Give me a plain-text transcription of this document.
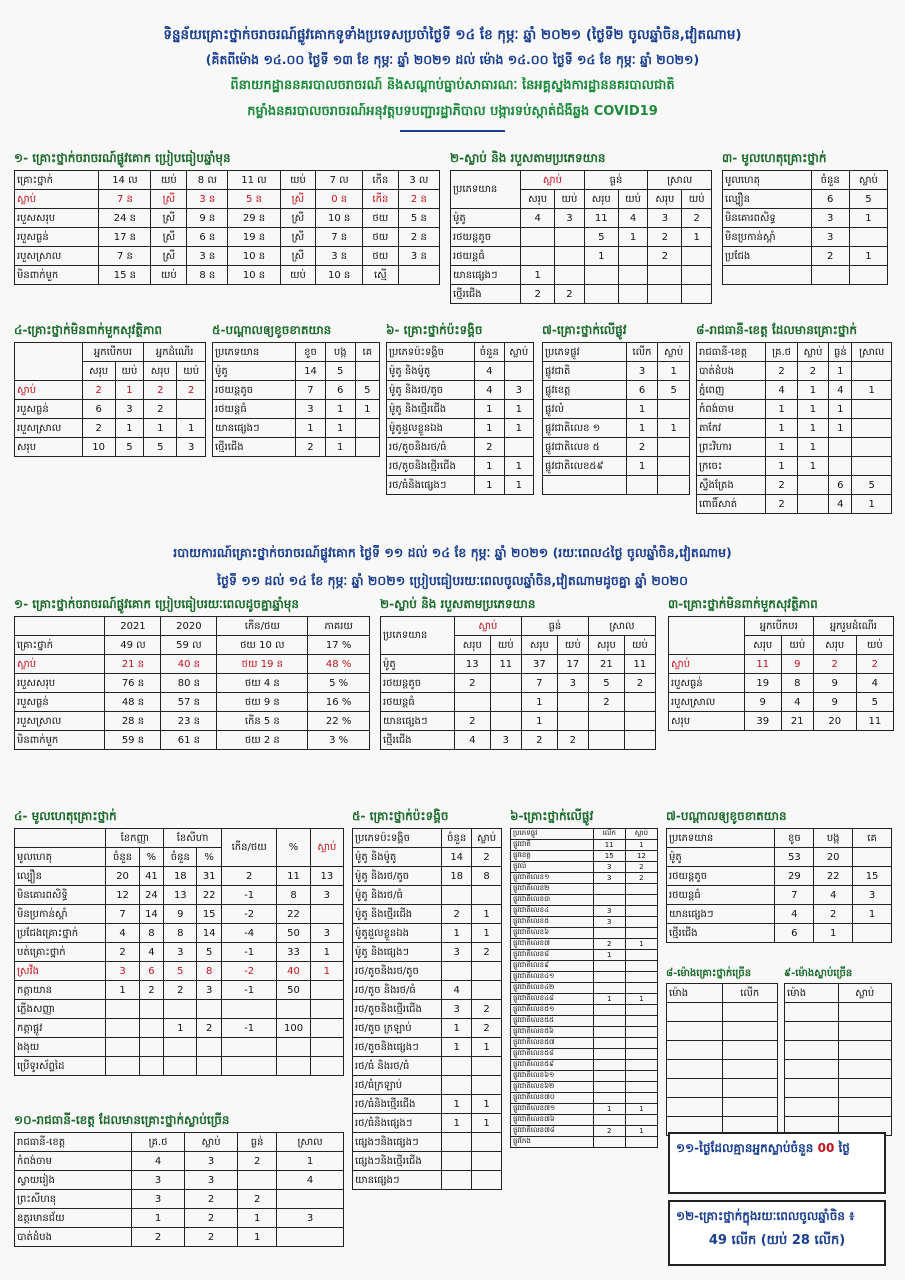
ទិន្នន័យគ្រោះថ្នាក់ចរាចរណ៍ផ្លូវគោកទូទាំងប្រទេសប្រចាំថ្ងៃទី ១៤ ខែ កុម្ភៈ ឆ្នាំ ២០២១ (ថ្ងៃទី២ ចូលឆ្នាំចិន,វៀតណាម)
(គិតពីម៉ោង ១៤.០០ ថ្ងៃទី ១៣ ខែ កុម្ភៈ ឆ្នាំ ២០២១ ដល់ ម៉ោង ១៤.០០ ថ្ងៃទី ១៤ ខែ កុម្ភៈ ឆ្នាំ ២០២១)
ពីនាយកដ្ឋាននគរបាលចរាចរណ៍ និងសណ្តាប់ធ្នាប់សាធារណៈ នៃអគ្គស្នងការដ្ឋាននគរបាលជាតិ
កម្លាំងនគរបាលចរាចរណ៍អនុវត្តបទបញ្ជារដ្ឋាភិបាល បង្ការទប់ស្កាត់ជំងឺឆ្លង COVID19
១- គ្រោះថ្នាក់ចរាចរណ៍ផ្លូវគោក ប្រៀបធៀបឆ្នាំមុន
គ្រោះថ្នាក់	14 ល	យប់	8 ល	11 ល	យប់	7 ល	កើន	3 ល
ស្លាប់	7 ន	ស្រី	3 ន	5 ន	ស្រី	0 ន	កើន	2 ន
របួសសរុប	24 ន	ស្រី	9 ន	29 ន	ស្រី	10 ន	ថយ	5 ន
របួសធ្ងន់	17 ន	ស្រី	6 ន	19 ន	ស្រី	7 ន	ថយ	2 ន
របួសស្រាល	7 ន	ស្រី	3 ន	10 ន	ស្រី	3 ន	ថយ	3 ន
មិនពាក់មួក	15 ន	យប់	8 ន	10 ន	យប់	10 ន	ស្មើ	
២-ស្លាប់ និង របួសតាមប្រភេទយាន
ប្រភេទយាន	ស្លាប់		ធ្ងន់		ស្រាល	
	សរុប	យប់	សរុប	យប់	សរុប	យប់
ម៉ូតូ	4	3	11	4	3	2
រថយន្តតូច			5	1	2	1
រថយន្តធំ			1		2	
យានផ្សេងៗ	1					
ថ្មើរជើង	2	2				
៣- មូលហេតុគ្រោះថ្នាក់
មូលហេតុ	ចំនួន	ស្លាប់
ល្បឿន	6	5
មិនគោរពសិទ្ធ	3	1
មិនប្រកាន់ស្តាំ	3	
ប្រជែង	2	1

៤-គ្រោះថ្នាក់មិនពាក់មួកសុវត្ថិភាព
	អ្នកបើកបរ		អ្នកដំណើរ	
	សរុប	យប់	សរុប	យប់
ស្លាប់	2	1	2	2
របួសធ្ងន់	6	3	2	
របួសស្រាល	2	1	1	1
សរុប	10	5	5	3
៥-បណ្តាលឲ្យខូចខាតយាន
ប្រភេទយាន	ខូច	បង្ក	គេ
ម៉ូតូ	14	5	
រថយន្តតូច	7	6	5
រថយន្តធំ	3	1	1
យានផ្សេងៗ	1	1	
ថ្មើរជើង	2	1	
៦- គ្រោះថ្នាក់ប៉ះទង្គិច
ប្រភេទប៉ះទង្គិច	ចំនួន	ស្លាប់
ម៉ូតូ និងម៉ូតូ	4	
ម៉ូតូ និងរថ/តូច	4	3
ម៉ូតូ និងថ្មើរជើង	1	1
ម៉ូតូដួលខ្លួនឯង	1	1
រថ/តូចនិងរថ/ធំ	2	
រថ/តូចនិងថ្មើរជើង	1	1
រថ/ធំនិងផ្សេងៗ	1	1
៧-គ្រោះថ្នាក់លើផ្លូវ
ប្រភេទផ្លូវ	លើក	ស្លាប់
ផ្លូវជាតិ	3	1
ផ្លូវខេត្ត	6	5
ផ្លូវលំ	1	
ផ្លូវជាតិលេខ ១	1	1
ផ្លូវជាតិលេខ ៥	2	
ផ្លូវជាតិលេខ៥៩	1	

៨-រាជធានី-ខេត្ត ដែលមានគ្រោះថ្នាក់
រាជធានី-ខេត្ត	គ្រ.ថ	ស្លាប់	ធ្ងន់	ស្រាល
បាត់ដំបង	2	2	1	
ភ្នំពេញ	4	1	4	1
កំពង់ចាម	1	1	1	
តាកែវ	1	1	1	
ព្រះវិហារ	1	1		
ក្រចេះ	1	1		
ស្ទឹងត្រែង	2		6	5
ពោធិ៍សាត់	2		4	1
របាយការណ៍គ្រោះថ្នាក់ចរាចរណ៍ផ្លូវគោក ថ្ងៃទី ១១ ដល់ ១៤ ខែ កុម្ភៈ ឆ្នាំ ២០២១ (រយៈពេល៤ថ្ងៃ ចូលឆ្នាំចិន,វៀតណាម)
ថ្ងៃទី ១១ ដល់ ១៤ ខែ កុម្ភៈ ឆ្នាំ ២០២១ ប្រៀបធៀបរយៈពេលចូលឆ្នាំចិន,វៀតណាមដូចគ្នា ឆ្នាំ ២០២០
១- គ្រោះថ្នាក់ចរាចរណ៍ផ្លូវគោក ប្រៀបធៀបរយៈពេលដូចគ្នាឆ្នាំមុន
	2021	2020	កើន/ថយ	ភាគរយ
គ្រោះថ្នាក់	49 ល	59 ល	ថយ 10 ល	17 %
ស្លាប់	21 ន	40 ន	ថយ 19 ន	48 %
របួសសរុប	76 ន	80 ន	ថយ 4 ន	5 %
របួសធ្ងន់	48 ន	57 ន	ថយ 9 ន	16 %
របួសស្រាល	28 ន	23 ន	កើន 5 ន	22 %
មិនពាក់មួក	59 ន	61 ន	ថយ 2 ន	3 %
២-ស្លាប់ និង របួសតាមប្រភេទយាន
ប្រភេទយាន	ស្លាប់		ធ្ងន់		ស្រាល	
	សរុប	យប់	សរុប	យប់	សរុប	យប់
ម៉ូតូ	13	11	37	17	21	11
រថយន្តតូច	2		7	3	5	2
រថយន្តធំ			1		2	
យានផ្សេងៗ	2		1			
ថ្មើរជើង	4	3	2	2		
៣-គ្រោះថ្នាក់មិនពាក់មួកសុវត្ថិភាព
	អ្នកបើកបរ		អ្នករួមដំណើរ	
	សរុប	យប់	សរុប	យប់
ស្លាប់	11	9	2	2
របួសធ្ងន់	19	8	9	4
របួសស្រាល	9	4	9	5
សរុប	39	21	20	11
៤- មូលហេតុគ្រោះថ្នាក់
	ខែកញ្ញា		ខែសីហា		កើន/ថយ	%	ស្លាប់
មូលហេតុ	ចំនួន	%	ចំនួន	%			
ល្បឿន	20	41	18	31	2	11	13
មិនគោរពសិទ្ធិ	12	24	13	22	-1	8	3
មិនប្រកាន់ស្តាំ	7	14	9	15	-2	22	
ប្រជែងគ្រោះថ្នាក់	4	8	8	14	-4	50	3
បត់គ្រោះថ្នាក់	2	4	3	5	-1	33	1
ស្រវឹង	3	6	5	8	-2	40	1
កត្តាយាន	1	2	2	3	-1	50	
ភ្លើងសញ្ញា							
កត្តាផ្លូវ			1	2	-1	100	
ងងុយ							
ប្រើទូរស័ព្ទដៃ							
៥- គ្រោះថ្នាក់ប៉ះទង្គិច
ប្រភេទប៉ះទង្គិច	ចំនួន	ស្លាប់
ម៉ូតូ និងម៉ូតូ	14	2
ម៉ូតូ និងរថ/តូច	18	8
ម៉ូតូ និងរថ/ធំ		
ម៉ូតូ និងថ្មើរជើង	2	1
ម៉ូតូដួលខ្លួនឯង	1	1
ម៉ូតូ និងផ្សេងៗ	3	2
រថ/តូចនិងរថ/តូច		
រថ/តូច និងរថ/ធំ	4	
រថ/តូចនិងថ្មើរជើង	3	2
រថ/តូច ក្រឡាប់	1	2
រថ/តូចនិងផ្សេងៗ	1	1
រថ/ធំ និងរថ/ធំ		
រថ/ធំក្រឡាប់		
រថ/ធំនិងថ្មើរជើង	1	1
រថ/ធំនិងផ្សេងៗ	1	1
ផ្សេងៗនិងផ្សេងៗ		
ផ្សេងៗនិងថ្មើរជើង		
យានផ្សេងៗ		
៦-គ្រោះថ្នាក់លើផ្លូវ
ប្រភេទផ្លូវ	លើក	ស្លាប់
ផ្លូវជាតិ	11	1
ផ្លូវខេត្ត	15	12
ផ្លូវលំ	3	2
ផ្លូវជាតិលេខ១	3	2
ផ្លូវជាតិលេខ២		
ផ្លូវជាតិលេខ៣		
ផ្លូវជាតិលេខ៤	3	
ផ្លូវជាតិលេខ៥	3	
ផ្លូវជាតិលេខ៦		
ផ្លូវជាតិលេខ៧	2	1
ផ្លូវជាតិលេខ៨	1	
ផ្លូវជាតិលេខ៩		
ផ្លូវជាតិលេខ៤១		
ផ្លូវជាតិលេខ៤២		
ផ្លូវជាតិលេខ៤៨	1	1
ផ្លូវជាតិលេខ៥១		
ផ្លូវជាតិលេខ៥៥		
ផ្លូវជាតិលេខ៥៦		
ផ្លូវជាតិលេខ៥៧		
ផ្លូវជាតិលេខ៥៨		
ផ្លូវជាតិលេខ៥៩		
ផ្លូវជាតិលេខ៦១		
ផ្លូវជាតិលេខ៦២		
ផ្លូវជាតិលេខ៧០		
ផ្លូវជាតិលេខ៧១	1	1
ផ្លូវជាតិលេខ៧៦		
ផ្លូវជាតិលេខ៧៨	2	1
ផ្លូវកែង		
៧-បណ្តាលឲ្យខូចខាតយាន
ប្រភេទយាន	ខូច	បង្ក	គេ
ម៉ូតូ	53	20	
រថយន្តតូច	29	22	15
រថយន្តធំ	7	4	3
យានផ្សេងៗ	4	2	1
ថ្មើរជើង	6	1	
៨-ម៉ោងគ្រោះថ្នាក់ច្រើន
ម៉ោង	លើក

៩-ម៉ោងស្លាប់ច្រើន
ម៉ោង	ស្លាប់

១០-រាជធានី-ខេត្ត ដែលមានគ្រោះថ្នាក់ស្លាប់ច្រើន
រាជធានី-ខេត្ត	គ្រ.ថ	ស្លាប់	ធ្ងន់	ស្រាល
កំពង់ចាម	4	3	2	1
ស្វាយរៀង	3	3		4
ព្រះសីហនុ	3	2	2	
ឧត្តរមានជ័យ	1	2	1	3
បាត់ដំបង	2	2	1	
១១-ថ្ងៃដែលគ្មានអ្នកស្លាប់ចំនួន 00 ថ្ងៃ
១២-គ្រោះថ្នាក់ក្នុងរយៈពេលចូលឆ្នាំចិន ៖
49 លើក (យប់ 28 លើក)
